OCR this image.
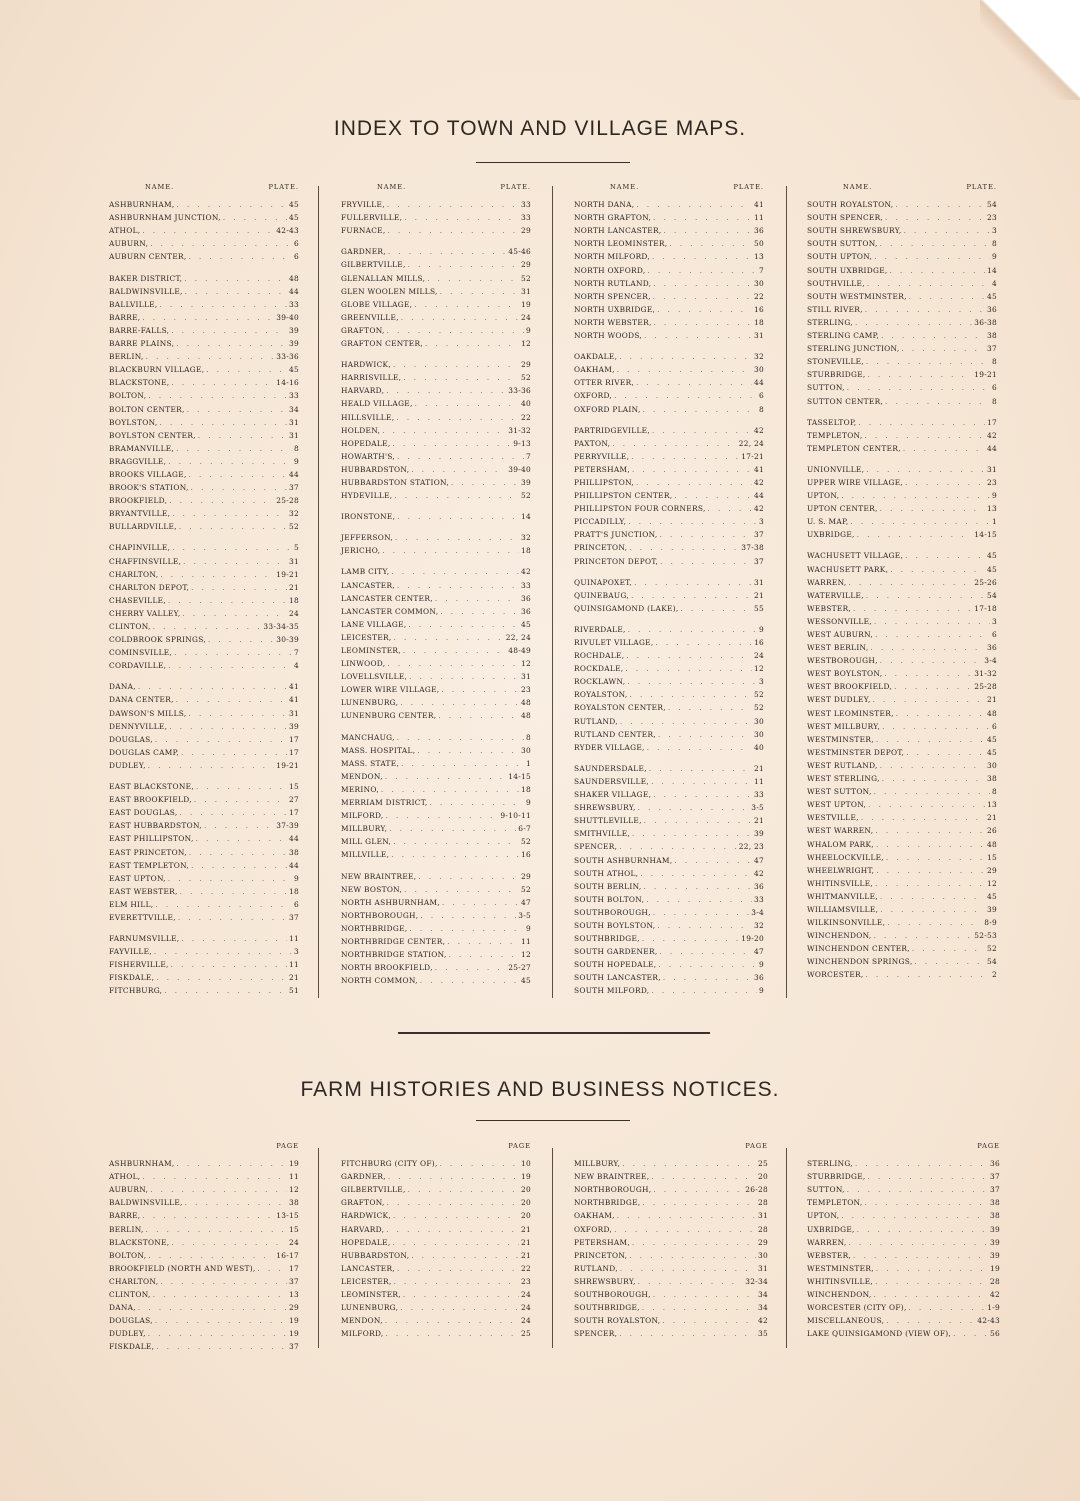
INDEX TO TOWN AND VILLAGE MAPS.
NAME.	PLATE.
ASHBURNHAM, . . .	45
ASHBURNHAM JUNCTION, . . .	45
ATHOL, . . .	42-43
AUBURN, . . .	6
AUBURN CENTER, . . .	6
BAKER DISTRICT, . . .	48
BALDWINSVILLE, . . .	44
BALLVILLE, . . .	33
BARRE, . . .	39-40
BARRE-FALLS, . . .	39
BARRE PLAINS, . . .	39
BERLIN, . . .	33-36
BLACKBURN VILLAGE, . . .	45
BLACKSTONE, . . .	14-16
BOLTON, . . .	33
BOLTON CENTER, . . .	34
BOYLSTON, . . .	31
BOYLSTON CENTER, . . .	31
BRAMANVILLE, . . .	8
BRAGGVILLE, . . .	9
BROOKS VILLAGE, . . .	44
BROOK'S STATION, . . .	37
BROOKFIELD, . . .	25-28
BRYANTVILLE, . . .	32
BULLARDVILLE, . . .	52
CHAPINVILLE, . . .	5
CHAFFINSVILLE, . . .	31
CHARLTON, . . .	19-21
CHARLTON DEPOT, . . .	21
CHASEVILLE, . . .	18
CHERRY VALLEY, . . .	24
CLINTON, . . .	33-34-35
COLDBROOK SPRINGS, . . .	30-39
COMINSVILLE, . . .	7
CORDAVILLE, . . .	4
DANA, . . .	41
DANA CENTER, . . .	41
DAWSON'S MILLS, . . .	31
DENNYVILLE, . . .	39
DOUGLAS, . . .	17
DOUGLAS CAMP, . . .	17
DUDLEY, . . .	19-21
EAST BLACKSTONE, . . .	15
EAST BROOKFIELD, . . .	27
EAST DOUGLAS, . . .	17
EAST HUBBARDSTON, . . .	37-39
EAST PHILLIPSTON, . . .	44
EAST PRINCETON, . . .	38
EAST TEMPLETON, . . .	44
EAST UPTON, . . .	9
EAST WEBSTER, . . .	18
ELM HILL, . . .	6
EVERETTVILLE, . . .	37
FARNUMSVILLE, . . .	11
FAYVILLE, . . .	3
FISHERVILLE, . . .	11
FISKDALE, . . .	21
FITCHBURG, . . .	51
NAME.	PLATE.
FRYVILLE, . . .	33
FULLERVILLE, . . .	33
FURNACE, . . .	29
GARDNER, . . .	45-46
GILBERTVILLE, . . .	29
GLENALLAN MILLS, . . .	52
GLEN WOOLEN MILLS, . . .	31
GLOBE VILLAGE, . . .	19
GREENVILLE, . . .	24
GRAFTON, . . .	9
GRAFTON CENTER, . . .	12
HARDWICK, . . .	29
HARRISVILLE, . . .	52
HARVARD, . . .	33-36
HEALD VILLAGE, . . .	40
HILLSVILLE, . . .	22
HOLDEN, . . .	31-32
HOPEDALE, . . .	9-13
HOWARTH'S, . . .	7
HUBBARDSTON, . . .	39-40
HUBBARDSTON STATION, . . .	39
HYDEVILLE, . . .	52
IRONSTONE, . . .	14
JEFFERSON, . . .	32
JERICHO, . . .	18
LAMB CITY, . . .	42
LANCASTER, . . .	33
LANCASTER CENTER, . . .	36
LANCASTER COMMON, . . .	36
LANE VILLAGE, . . .	45
LEICESTER, . . .	22, 24
LEOMINSTER, . . .	48-49
LINWOOD, . . .	12
LOVELLSVILLE, . . .	31
LOWER WIRE VILLAGE, . . .	23
LUNENBURG, . . .	48
LUNENBURG CENTER, . . .	48
MANCHAUG, . . .	8
MASS. HOSPITAL, . . .	30
MASS. STATE, . . .	1
MENDON, . . .	14-15
MERINO, . . .	18
MERRIAM DISTRICT, . . .	9
MILFORD, . . .	9-10-11
MILLBURY, . . .	6-7
MILL GLEN, . . .	52
MILLVILLE, . . .	16
NEW BRAINTREE, . . .	29
NEW BOSTON, . . .	52
NORTH ASHBURNHAM, . . .	47
NORTHBOROUGH, . . .	3-5
NORTHBRIDGE, . . .	9
NORTHBRIDGE CENTER, . . .	11
NORTHBRIDGE STATION, . . .	12
NORTH BROOKFIELD, . . .	25-27
NORTH COMMON, . . .	45
NAME.	PLATE.
NORTH DANA, . . .	41
NORTH GRAFTON, . . .	11
NORTH LANCASTER, . . .	36
NORTH LEOMINSTER, . . .	50
NORTH MILFORD, . . .	13
NORTH OXFORD, . . .	7
NORTH RUTLAND, . . .	30
NORTH SPENCER, . . .	22
NORTH UXBRIDGE, . . .	16
NORTH WEBSTER, . . .	18
NORTH WOODS, . . .	31
OAKDALE, . . .	32
OAKHAM, . . .	30
OTTER RIVER, . . .	44
OXFORD, . . .	6
OXFORD PLAIN, . . .	8
PARTRIDGEVILLE, . . .	42
PAXTON, . . .	22, 24
PERRYVILLE, . . .	17-21
PETERSHAM, . . .	41
PHILLIPSTON, . . .	42
PHILLIPSTON CENTER, . . .	44
PHILLIPSTON FOUR CORNERS, . . .	42
PICCADILLY, . . .	3
PRATT'S JUNCTION, . . .	37
PRINCETON, . . .	37-38
PRINCETON DEPOT, . . .	37
QUINAPOXET, . . .	31
QUINEBAUG, . . .	21
QUINSIGAMOND (LAKE), . . .	55
RIVERDALE, . . .	9
RIVULET VILLAGE, . . .	16
ROCHDALE, . . .	24
ROCKDALE, . . .	12
ROCKLAWN, . . .	3
ROYALSTON, . . .	52
ROYALSTON CENTER, . . .	52
RUTLAND, . . .	30
RUTLAND CENTER, . . .	30
RYDER VILLAGE, . . .	40
SAUNDERSDALE, . . .	21
SAUNDERSVILLE, . . .	11
SHAKER VILLAGE, . . .	33
SHREWSBURY, . . .	3-5
SHUTTLEVILLE, . . .	21
SMITHVILLE, . . .	39
SPENCER, . . .	22, 23
SOUTH ASHBURNHAM, . . .	47
SOUTH ATHOL, . . .	42
SOUTH BERLIN, . . .	36
SOUTH BOLTON, . . .	33
SOUTHBOROUGH, . . .	3-4
SOUTH BOYLSTON, . . .	32
SOUTHBRIDGE, . . .	19-20
SOUTH GARDENER, . . .	47
SOUTH HOPEDALE, . . .	9
SOUTH LANCASTER, . . .	36
SOUTH MILFORD, . . .	9
NAME.	PLATE.
SOUTH ROYALSTON, . . .	54
SOUTH SPENCER, . . .	23
SOUTH SHREWSBURY, . . .	3
SOUTH SUTTON, . . .	8
SOUTH UPTON, . . .	9
SOUTH UXBRIDGE, . . .	14
SOUTHVILLE, . . .	4
SOUTH WESTMINSTER, . . .	45
STILL RIVER, . . .	36
STERLING, . . .	36-38
STERLING CAMP, . . .	38
STERLING JUNCTION, . . .	37
STONEVILLE, . . .	8
STURBRIDGE, . . .	19-21
SUTTON, . . .	6
SUTTON CENTER, . . .	8
TASSELTOP, . . .	17
TEMPLETON, . . .	42
TEMPLETON CENTER, . . .	44
UNIONVILLE, . . .	31
UPPER WIRE VILLAGE, . . .	23
UPTON, . . .	9
UPTON CENTER, . . .	13
U. S. MAP, . . .	1
UXBRIDGE, . . .	14-15
WACHUSETT VILLAGE, . . .	45
WACHUSETT PARK, . . .	45
WARREN, . . .	25-26
WATERVILLE, . . .	54
WEBSTER, . . .	17-18
WESSONVILLE, . . .	3
WEST AUBURN, . . .	6
WEST BERLIN, . . .	36
WESTBOROUGH, . . .	3-4
WEST BOYLSTON, . . .	31-32
WEST BROOKFIELD, . . .	25-28
WEST DUDLEY, . . .	21
WEST LEOMINSTER, . . .	48
WEST MILLBURY, . . .	6
WESTMINSTER, . . .	45
WESTMINSTER DEPOT, . . .	45
WEST RUTLAND, . . .	30
WEST STERLING, . . .	38
WEST SUTTON, . . .	8
WEST UPTON, . . .	13
WESTVILLE, . . .	21
WEST WARREN, . . .	26
WHALOM PARK, . . .	48
WHEELOCKVILLE, . . .	15
WHEELWRIGHT, . . .	29
WHITINSVILLE, . . .	12
WHITMANVILLE, . . .	45
WILLIAMSVILLE, . . .	39
WILKINSONVILLE, . . .	8-9
WINCHENDON, . . .	52-53
WINCHENDON CENTER, . . .	52
WINCHENDON SPRINGS, . . .	54
WORCESTER, . . .	2
FARM HISTORIES AND BUSINESS NOTICES.
PAGE
ASHBURNHAM, . . .	19
ATHOL, . . .	11
AUBURN, . . .	12
BALDWINSVILLE, . . .	38
BARRE, . . .	13-15
BERLIN, . . .	15
BLACKSTONE, . . .	24
BOLTON, . . .	16-17
BROOKFIELD (NORTH AND WEST), . . .	17
CHARLTON, . . .	37
CLINTON, . . .	13
DANA, . . .	29
DOUGLAS, . . .	19
DUDLEY, . . .	19
FISKDALE, . . .	37
PAGE
FITCHBURG (CITY OF), . . .	10
GARDNER, . . .	19
GILBERTVILLE, . . .	20
GRAFTON, . . .	20
HARDWICK, . . .	20
HARVARD, . . .	21
HOPEDALE, . . .	21
HUBBARDSTON, . . .	21
LANCASTER, . . .	22
LEICESTER, . . .	23
LEOMINSTER, . . .	24
LUNENBURG, . . .	24
MENDON, . . .	24
MILFORD, . . .	25
PAGE
MILLBURY, . . .	25
NEW BRAINTREE, . . .	20
NORTHBOROUGH, . . .	26-28
NORTHBRIDGE, . . .	28
OAKHAM, . . .	31
OXFORD, . . .	28
PETERSHAM, . . .	29
PRINCETON, . . .	30
RUTLAND, . . .	31
SHREWSBURY, . . .	32-34
SOUTHBOROUGH, . . .	34
SOUTHBRIDGE, . . .	34
SOUTH ROYALSTON, . . .	42
SPENCER, . . .	35
PAGE
STERLING, . . .	36
STURBRIDGE, . . .	37
SUTTON, . . .	37
TEMPLETON, . . .	38
UPTON, . . .	38
UXBRIDGE, . . .	39
WARREN, . . .	39
WEBSTER, . . .	39
WESTMINSTER, . . .	19
WHITINSVILLE, . . .	28
WINCHENDON, . . .	42
WORCESTER (CITY OF), . . .	1-9
MISCELLANEOUS, . . .	42-43
LAKE QUINSIGAMOND (VIEW OF), . . .	56
